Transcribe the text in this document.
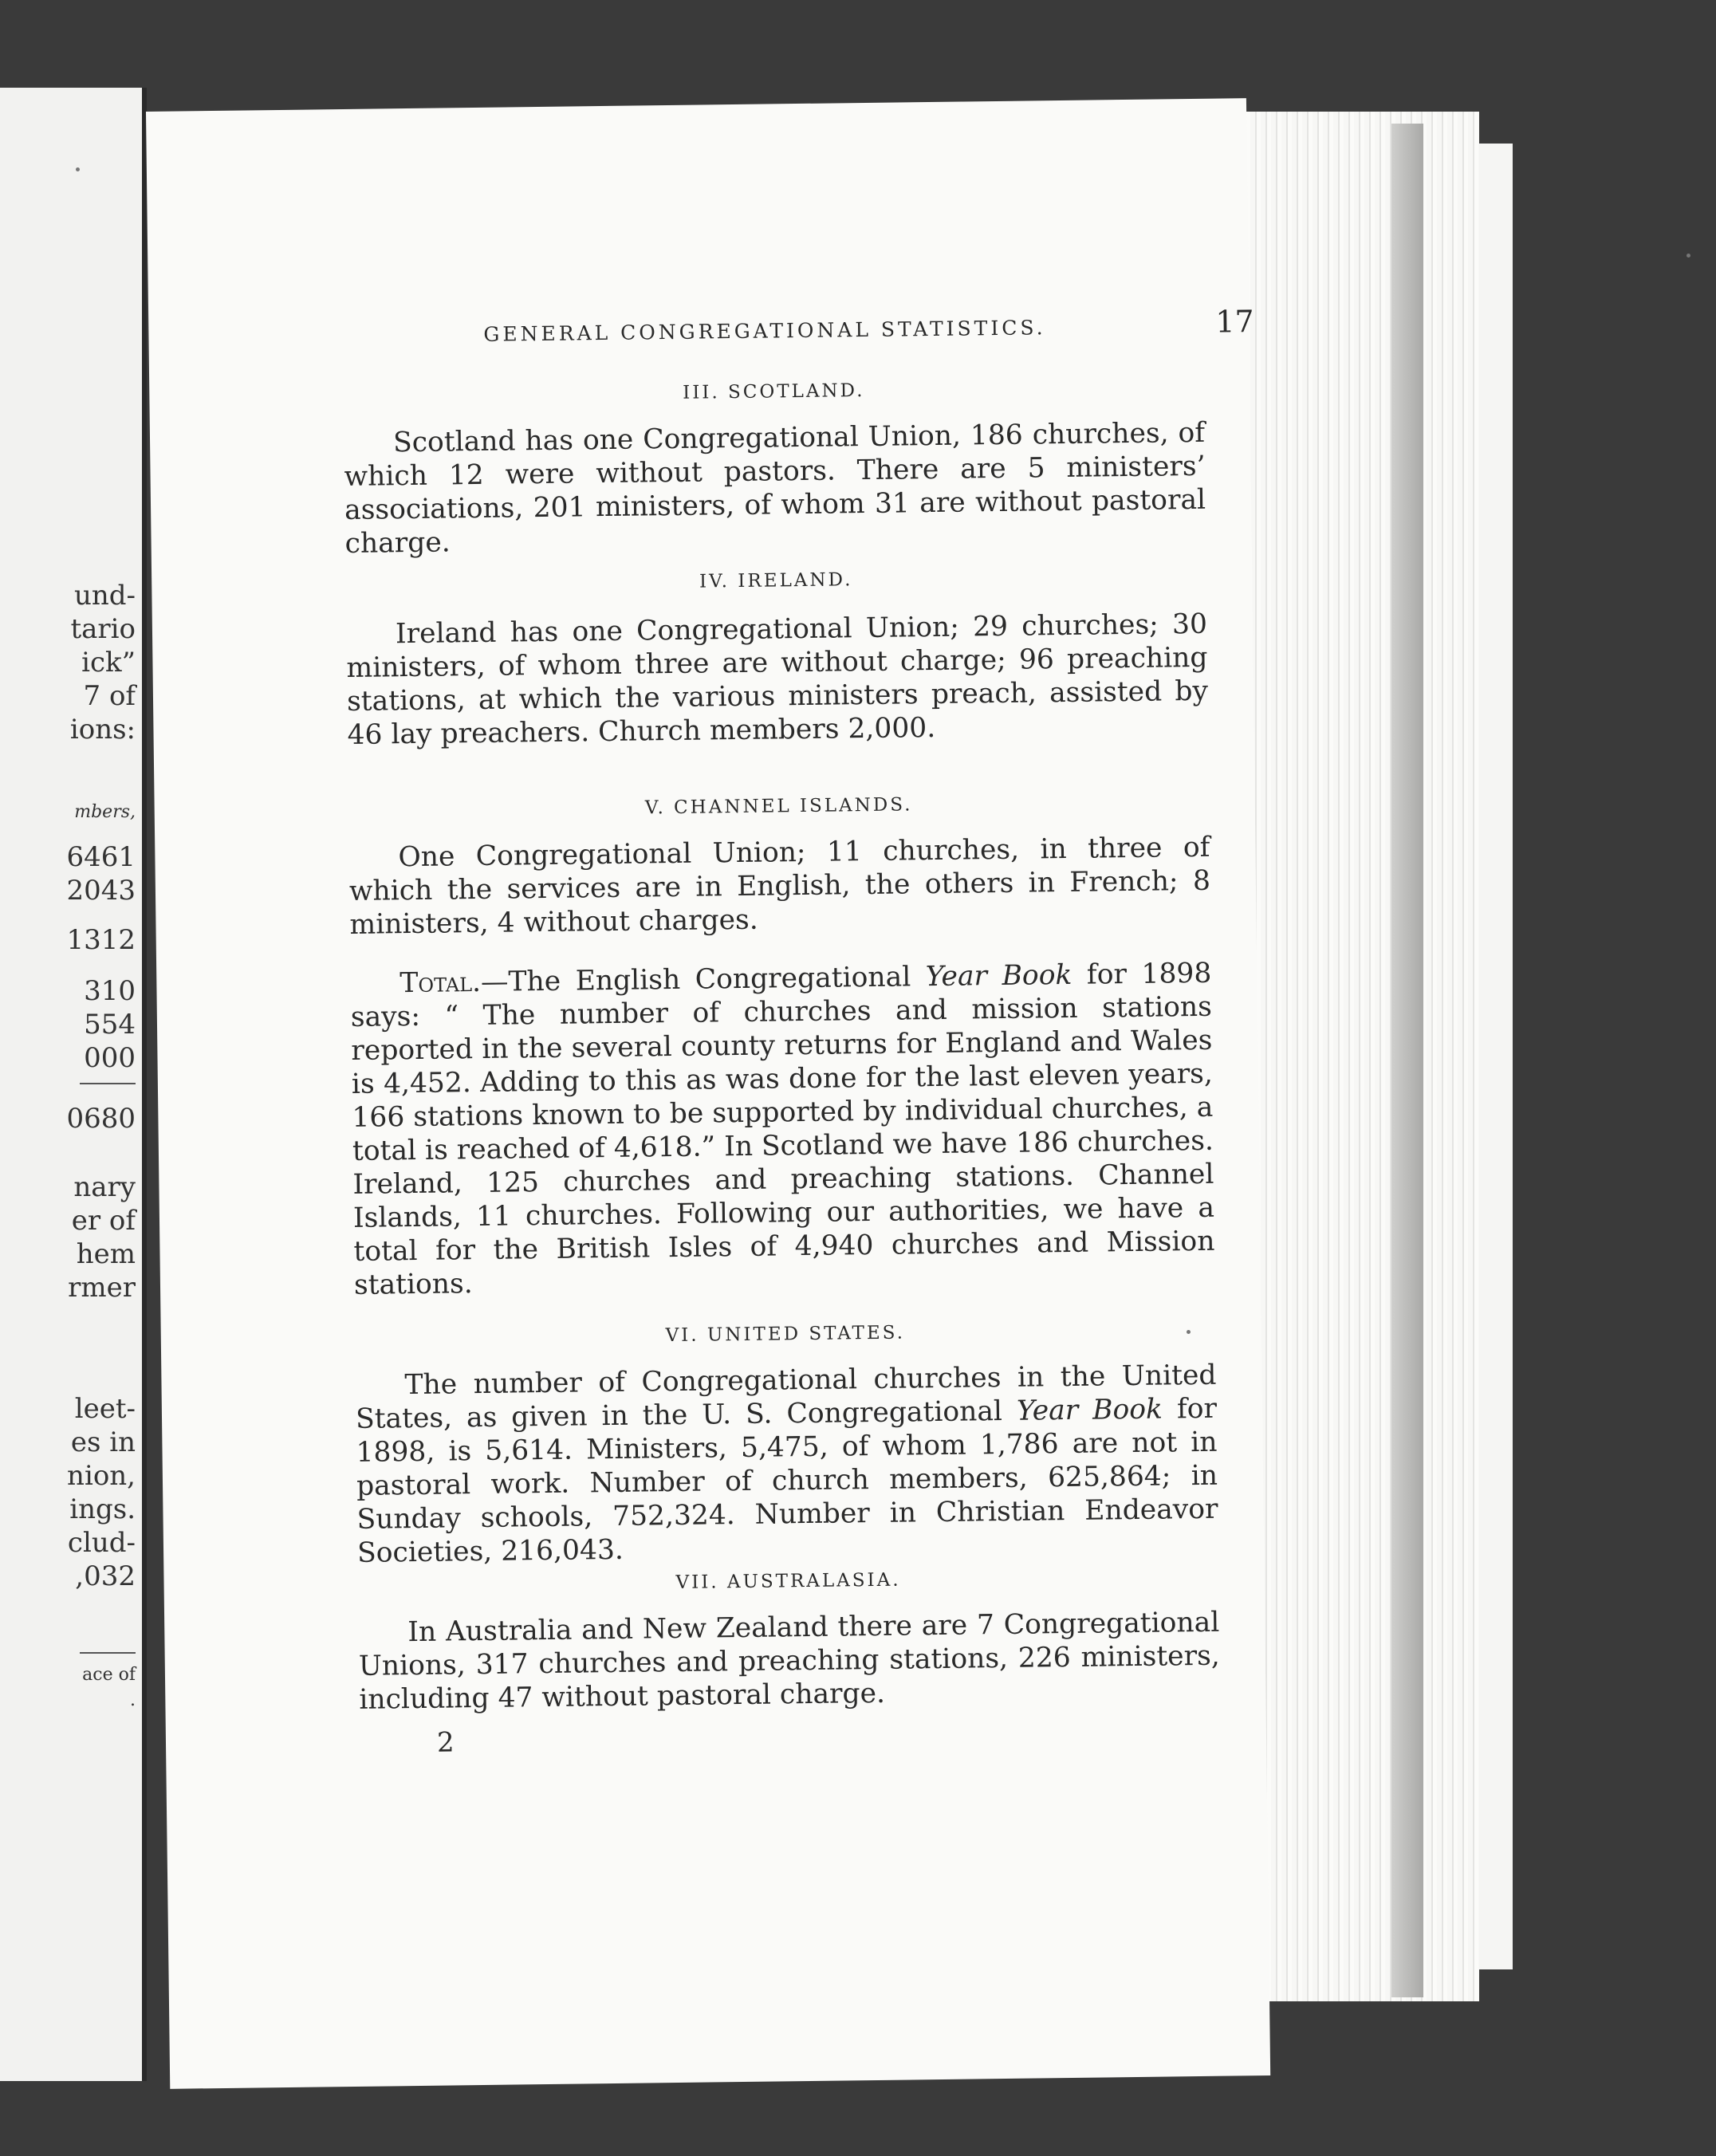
und-
tario
ick”
7 of
ions:
mbers,
6461
2043
1312
310
554
000
0680
nary
er of
hem
rmer
leet-
es in
nion,
ings.
clud-
,032
ace of
.
GENERAL CONGREGATIONAL STATISTICS.	17
III. SCOTLAND.
Scotland has one Congregational Union, 186 churches, of which 12 were without pastors. There are 5 ministers’ associations, 201 ministers, of whom 31 are without pastoral charge.
IV. IRELAND.
Ireland has one Congregational Union; 29 churches; 30 ministers, of whom three are without charge; 96 preaching stations, at which the various ministers preach, assisted by 46 lay preachers. Church members 2,000.
V. CHANNEL ISLANDS.
One Congregational Union; 11 churches, in three of which the services are in English, the others in French; 8 ministers, 4 without charges.
Total.—The English Congregational Year Book for 1898 says: “ The number of churches and mission stations reported in the several county returns for England and Wales is 4,452. Adding to this as was done for the last eleven years, 166 stations known to be supported by individual churches, a total is reached of 4,618.” In Scotland we have 186 churches. Ireland, 125 churches and preaching stations. Channel Islands, 11 churches. Following our authorities, we have a total for the British Isles of 4,940 churches and Mission stations.
VI. UNITED STATES.
The number of Congregational churches in the United States, as given in the U. S. Congregational Year Book for 1898, is 5,614. Ministers, 5,475, of whom 1,786 are not in pastoral work. Number of church members, 625,864; in Sunday schools, 752,324. Number in Christian Endeavor Societies, 216,043.
VII. AUSTRALASIA.
In Australia and New Zealand there are 7 Congregational Unions, 317 churches and preaching stations, 226 ministers, including 47 without pastoral charge.
2
